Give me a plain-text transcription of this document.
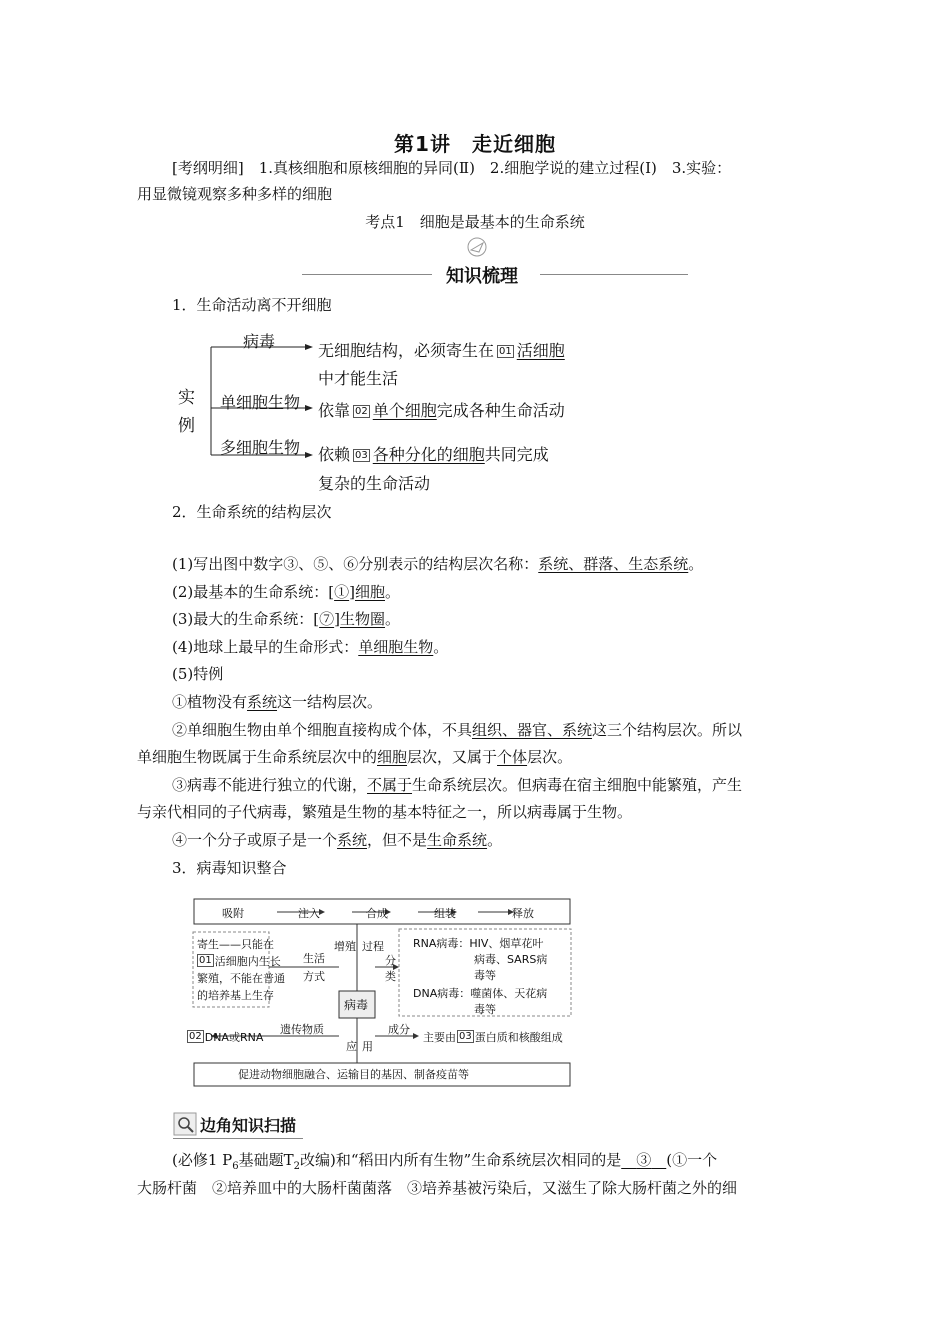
第1讲　走近细胞
[考纲明细]　1.真核细胞和原核细胞的异同(Ⅱ)　2.细胞学说的建立过程(Ⅰ)　3.实验：
用显微镜观察多种多样的细胞
考点1　细胞是最基本的生命系统
知识梳理
1．生命活动离不开细胞
实
例
病毒
单细胞生物
多细胞生物
无细胞结构，必须寄生在 01 活细胞
中才能生活
依靠 02 单个细胞完成各种生命活动
依赖 03 各种分化的细胞共同完成
复杂的生命活动
2．生命系统的结构层次
(1)写出图中数字③、⑤、⑥分别表示的结构层次名称：系统、群落、生态系统。
(2)最基本的生命系统：[①]细胞。
(3)最大的生命系统：[⑦]生物圈。
(4)地球上最早的生命形式：单细胞生物。
(5)特例
①植物没有系统这一结构层次。
②单细胞生物由单个细胞直接构成个体，不具组织、器官、系统这三个结构层次。所以
单细胞生物既属于生命系统层次中的细胞层次，又属于个体层次。
③病毒不能进行独立的代谢，不属于生命系统层次。但病毒在宿主细胞中能繁殖，产生
与亲代相同的子代病毒，繁殖是生物的基本特征之一，所以病毒属于生物。
④一个分子或原子是一个系统，但不是生命系统。
3．病毒知识整合
吸附	注入	合成	组装	释放
寄生——只能在
01 活细胞内生长
繁殖，不能在普通
的培养基上生存
生活
方式
增殖 过程
病毒
分
类
RNA病毒：HIV、烟草花叶
病毒、SARS病
毒等
DNA病毒：噬菌体、天花病
毒等
02 DNA或RNA
遗传物质	成分
主要由 03 蛋白质和核酸组成
应 用
促进动物细胞融合、运输目的基因、制备疫苗等
边角知识扫描
(必修1 $P_6$基础题$T_2$改编)和“稻田内所有生物”生命系统层次相同的是   ③   (①一个
大肠杆菌　②培养皿中的大肠杆菌菌落　③培养基被污染后，又滋生了除大肠杆菌之外的细
